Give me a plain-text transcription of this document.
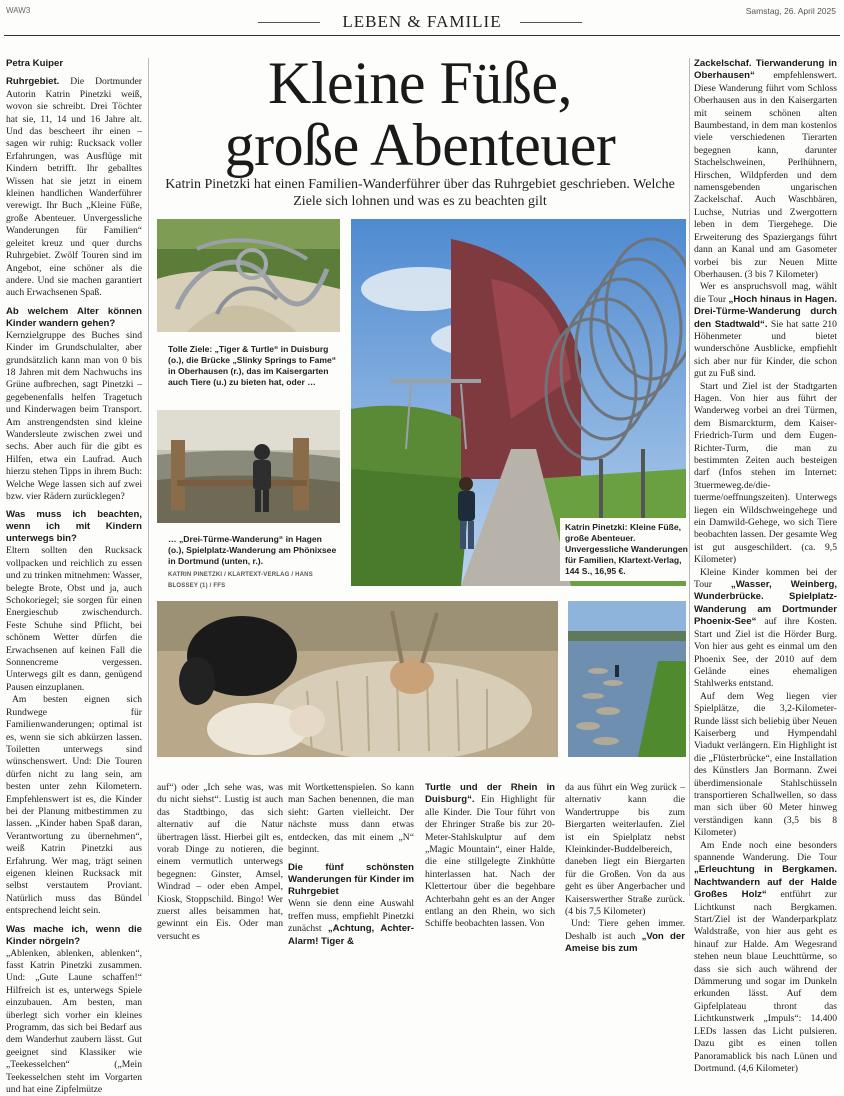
WAW3
LEBEN & FAMILIE
Samstag, 26. April 2025
Petra Kuiper

Ruhrgebiet. Die Dortmunder Autorin Katrin Pinetzki weiß, wovon sie schreibt. Drei Töchter hat sie, 11, 14 und 16 Jahre alt. Und das bescheert ihr einen – sagen wir ruhig: Rucksack voller Erfahrungen, was Ausflüge mit Kindern betrifft. Ihr geballtes Wissen hat sie jetzt in einem kleinen handlichen Wanderführer verewigt. Ihr Buch „Kleine Füße, große Abenteuer. Unvergessliche Wanderungen für Familien“ geleitet kreuz und quer durchs Ruhrgebiet. Zwölf Touren sind im Angebot, eine schöner als die andere. Und sie machen garantiert auch Erwachsenen Spaß.

Ab welchem Alter können Kinder wandern gehen?

Kernzielgruppe des Buches sind Kinder im Grundschulalter, aber grundsätzlich kann man von 0 bis 18 Jahren mit dem Nachwuchs ins Grüne aufbrechen, sagt Pinetzki – gegebenenfalls helfen Tragetuch und Kinderwagen beim Transport. Am anstrengendsten sind kleine Wandersleute zwischen zwei und sechs. Aber auch für die gibt es Hilfen, etwa ein Laufrad. Auch hierzu stehen Tipps in ihrem Buch: Welche Wege lassen sich auf zwei bzw. vier Rädern zurücklegen?

Was muss ich beachten, wenn ich mit Kindern unterwegs bin?

Eltern sollten den Rucksack vollpacken und reichlich zu essen und zu trinken mitnehmen: Wasser, belegte Brote, Obst und ja, auch Schokoriegel; sie sorgen für einen Energieschub zwischendurch. Feste Schuhe sind Pflicht, bei schönem Wetter dürfen die Erwachsenen auf keinen Fall die Sonnencreme vergessen. Unterwegs gilt es dann, genügend Pausen einzuplanen.

Am besten eignen sich Rundwege für Familienwanderungen; optimal ist es, wenn sie sich abkürzen lassen. Toiletten unterwegs sind wünschenswert. Und: Die Touren dürfen nicht zu lang sein, am besten unter zehn Kilometern. Empfehlenswert ist es, die Kinder bei der Planung mitbestimmen zu lassen. „Kinder haben Spaß daran, Verantwortung zu übernehmen“, weiß Katrin Pinetzki aus Erfahrung. Wer mag, trägt seinen eigenen kleinen Rucksack mit selbst verstautem Proviant. Natürlich muss das Bündel entsprechend leicht sein.

Was mache ich, wenn die Kinder nörgeln?

„Ablenken, ablenken, ablenken“, fasst Katrin Pinetzki zusammen. Und: „Gute Laune schaffen!“ Hilfreich ist es, unterwegs Spiele einzubauen. Am besten, man überlegt sich vorher ein kleines Programm, das sich bei Bedarf aus dem Wanderhut zaubern lässt. Gut geeignet sind Klassiker wie „Teekesselchen“ („Mein Teekesselchen steht im Vorgarten und hat eine Zipfelmütze

Kleine Füße,
große Abenteuer
Katrin Pinetzki hat einen Familien-Wanderführer über das Ruhrgebiet geschrieben. Welche Ziele sich lohnen und was es zu beachten gilt
Tolle Ziele: „Tiger & Turtle“ in Duisburg (o.), die Brücke „Slinky Springs to Fame“ in Oberhausen (r.), das im Kaisergarten auch Tiere (u.) zu bieten hat, oder …
… „Drei-Türme-Wanderung“ in Hagen (o.), Spielplatz-Wanderung am Phönixsee in Dortmund (unten, r.).
KATRIN PINETZKI / KLARTEXT-VERLAG / HANS BLOSSEY (1) / FFS
Katrin Pinetzki: Kleine Füße, große Abenteuer. Unvergessliche Wanderungen für Familien, Klartext-Verlag, 144 S., 16,95 €.

Zackelschaf. Tierwanderung in Oberhausen“ empfehlenswert. Diese Wanderung führt vom Schloss Oberhausen aus in den Kaisergarten mit seinem schönen alten Baumbestand, in dem man kostenlos viele verschiedenen Tierarten begegnen kann, darunter Stachelschweinen, Perlhühnern, Hirschen, Wildpferden und dem namensgebenden ungarischen Zackelschaf. Auch Waschbären, Luchse, Nutrias und Zwergottern leben in dem Tiergehege. Die Erweiterung des Spaziergangs führt dann an Kanal und am Gasometer vorbei bis zur Neuen Mitte Oberhausen. (3 bis 7 Kilometer)

Wer es anspruchsvoll mag, wählt die Tour „Hoch hinaus in Hagen. Drei-Türme-Wanderung durch den Stadtwald“. Sie hat satte 210 Höhenmeter und bietet wunderschöne Ausblicke, empfiehlt sich aber nur für Kinder, die schon gut zu Fuß sind.

Start und Ziel ist der Stadtgarten Hagen. Von hier aus führt der Wanderweg vorbei an drei Türmen, dem Bismarckturm, dem Kaiser-Friedrich-Turm und dem Eugen-Richter-Turm, die man zu bestimmten Zeiten auch besteigen darf (Infos stehen im Internet: 3tuermeweg.de/die-tuerme/oeffnungszeiten). Unterwegs liegen ein Wildschweingehege und ein Damwild-Gehege, wo sich Tiere beobachten lassen. Der gesamte Weg ist gut ausgeschildert. (ca. 9,5 Kilometer)

Kleine Kinder kommen bei der Tour „Wasser, Weinberg, Wunderbrücke. Spielplatz-Wanderung am Dortmunder Phoenix-See“ auf ihre Kosten. Start und Ziel ist die Hörder Burg. Von hier aus geht es einmal um den Phoenix See, der 2010 auf dem Gelände eines ehemaligen Stahlwerks entstand.

Auf dem Weg liegen vier Spielplätze, die 3,2-Kilometer-Runde lässt sich beliebig über Neuen Kaiserberg und Hympendahl Viadukt verlängern. Ein Highlight ist die „Flüsterbrücke“, eine Installation des Künstlers Jan Bormann. Zwei überdimensionale Stahlschüsseln transportieren Schallwellen, so dass man sich über 60 Meter hinweg verständigen kann (3,5 bis 8 Kilometer)

Am Ende noch eine besonders spannende Wanderung. Die Tour „Erleuchtung in Bergkamen. Nachtwandern auf der Halde Großes Holz“ entführt zur Lichtkunst nach Bergkamen. Start/Ziel ist der Wanderparkplatz Waldstraße, von hier aus geht es hinauf zur Halde. Am Wegesrand stehen neun blaue Leuchttürme, so dass sie sich auch während der Dämmerung und sogar im Dunkeln erkunden lässt. Auf dem Gipfelplateau thront das Lichtkunstwerk „Impuls“: 14.400 LEDs lassen das Licht pulsieren. Dazu gibt es einen tollen Panoramablick bis nach Lünen und Dortmund. (4,6 Kilometer)

auf“) oder „Ich sehe was, was du nicht siehst“. Lustig ist auch das Stadtbingo, das sich alternativ auf die Natur übertragen lässt. Hierbei gilt es, vorab Dinge zu notieren, die einem vermutlich unterwegs begegnen: Ginster, Amsel, Windrad – oder eben Ampel, Kiosk, Stoppschild. Bingo! Wer zuerst alles beisammen hat, gewinnt ein Eis. Oder man versucht es

mit Wortkettenspielen. So kann man Sachen benennen, die man sieht: Garten vielleicht. Der nächste muss dann etwas entdecken, das mit einem „N“ beginnt.

Die fünf schönsten Wanderungen für Kinder im Ruhrgebiet

Wenn sie denn eine Auswahl treffen muss, empfiehlt Pinetzki zunächst „Achtung, Achter-Alarm! Tiger &

Turtle und der Rhein in Duisburg“. Ein Highlight für alle Kinder. Die Tour führt von der Ehringer Straße bis zur 20-Meter-Stahlskulptur auf dem „Magic Mountain“, einer Halde, die eine stillgelegte Zinkhütte hinterlassen hat. Nach der Klettertour über die begehbare Achterbahn geht es an der Anger entlang an den Rhein, wo sich Schiffe beobachten lassen. Von

da aus führt ein Weg zurück – alternativ kann die Wandertruppe bis zum Biergarten weiterlaufen. Ziel ist ein Spielplatz nebst Kleinkinder-Buddelbereich, daneben liegt ein Biergarten für die Großen. Von da aus geht es über Angerbacher und Kaiserswerther Straße zurück. (4 bis 7,5 Kilometer)

Und: Tiere gehen immer. Deshalb ist auch „Von der Ameise bis zum
